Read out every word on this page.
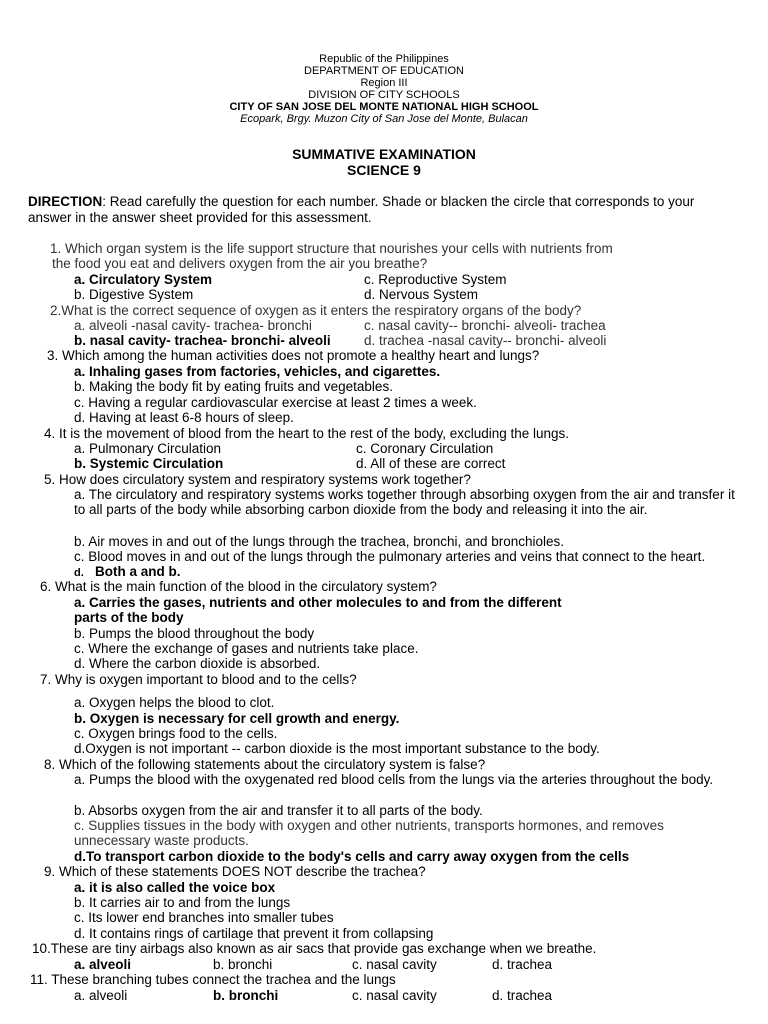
Republic of the Philippines
DEPARTMENT OF EDUCATION
Region III
DIVISION OF CITY SCHOOLS
CITY OF SAN JOSE DEL MONTE NATIONAL HIGH SCHOOL
Ecopark, Brgy. Muzon City of San Jose del Monte, Bulacan
SUMMATIVE EXAMINATION
SCIENCE 9
DIRECTION: Read carefully the question for each number. Shade or blacken the circle that corresponds to your answer in the answer sheet provided for this assessment.
1. Which organ system is the life support structure that nourishes your cells with nutrients from
the food you eat and delivers oxygen from the air you breathe?
a. Circulatory System	c. Reproductive System
b. Digestive System	d. Nervous System
2.What is the correct sequence of oxygen as it enters the respiratory organs of the body?
a. alveoli -nasal cavity- trachea- bronchi	c. nasal cavity-- bronchi- alveoli- trachea
b. nasal cavity- trachea- bronchi- alveoli d. trachea -nasal cavity-- bronchi- alveoli
3. Which among the human activities does not promote a healthy heart and lungs?
a. Inhaling gases from factories, vehicles, and cigarettes.
b. Making the body fit by eating fruits and vegetables.
c. Having a regular cardiovascular exercise at least 2 times a week.
d. Having at least 6-8 hours of sleep.
4. It is the movement of blood from the heart to the rest of the body, excluding the lungs.
a. Pulmonary Circulation	c. Coronary Circulation
b. Systemic Circulation	d. All of these are correct
5. How does circulatory system and respiratory systems work together?
a. The circulatory and respiratory systems works together through absorbing oxygen from the air and transfer it to all parts of the body while absorbing carbon dioxide from the body and releasing it into the air.
b. Air moves in and out of the lungs through the trachea, bronchi, and bronchioles.
c. Blood moves in and out of the lungs through the pulmonary arteries and veins that connect to the heart.
d. Both a and b.
6. What is the main function of the blood in the circulatory system?
a. Carries the gases, nutrients and other molecules to and from the different
parts of the body
b. Pumps the blood throughout the body
c. Where the exchange of gases and nutrients take place.
d. Where the carbon dioxide is absorbed.
7. Why is oxygen important to blood and to the cells?
a. Oxygen helps the blood to clot.
b. Oxygen is necessary for cell growth and energy.
c. Oxygen brings food to the cells.
d.Oxygen is not important -- carbon dioxide is the most important substance to the body.
8. Which of the following statements about the circulatory system is false?
a. Pumps the blood with the oxygenated red blood cells from the lungs via the arteries throughout the body.
b. Absorbs oxygen from the air and transfer it to all parts of the body.
c. Supplies tissues in the body with oxygen and other nutrients, transports hormones, and removes unnecessary waste products.
d.To transport carbon dioxide to the body's cells and carry away oxygen from the cells
9. Which of these statements DOES NOT describe the trachea?
a. it is also called the voice box
b. It carries air to and from the lungs
c. Its lower end branches into smaller tubes
d. It contains rings of cartilage that prevent it from collapsing
10.These are tiny airbags also known as air sacs that provide gas exchange when we breathe.
a. alveoli	b. bronchi	c. nasal cavity	d. trachea
11. These branching tubes connect the trachea and the lungs
a. alveoli	b. bronchi	c. nasal cavity	d. trachea
